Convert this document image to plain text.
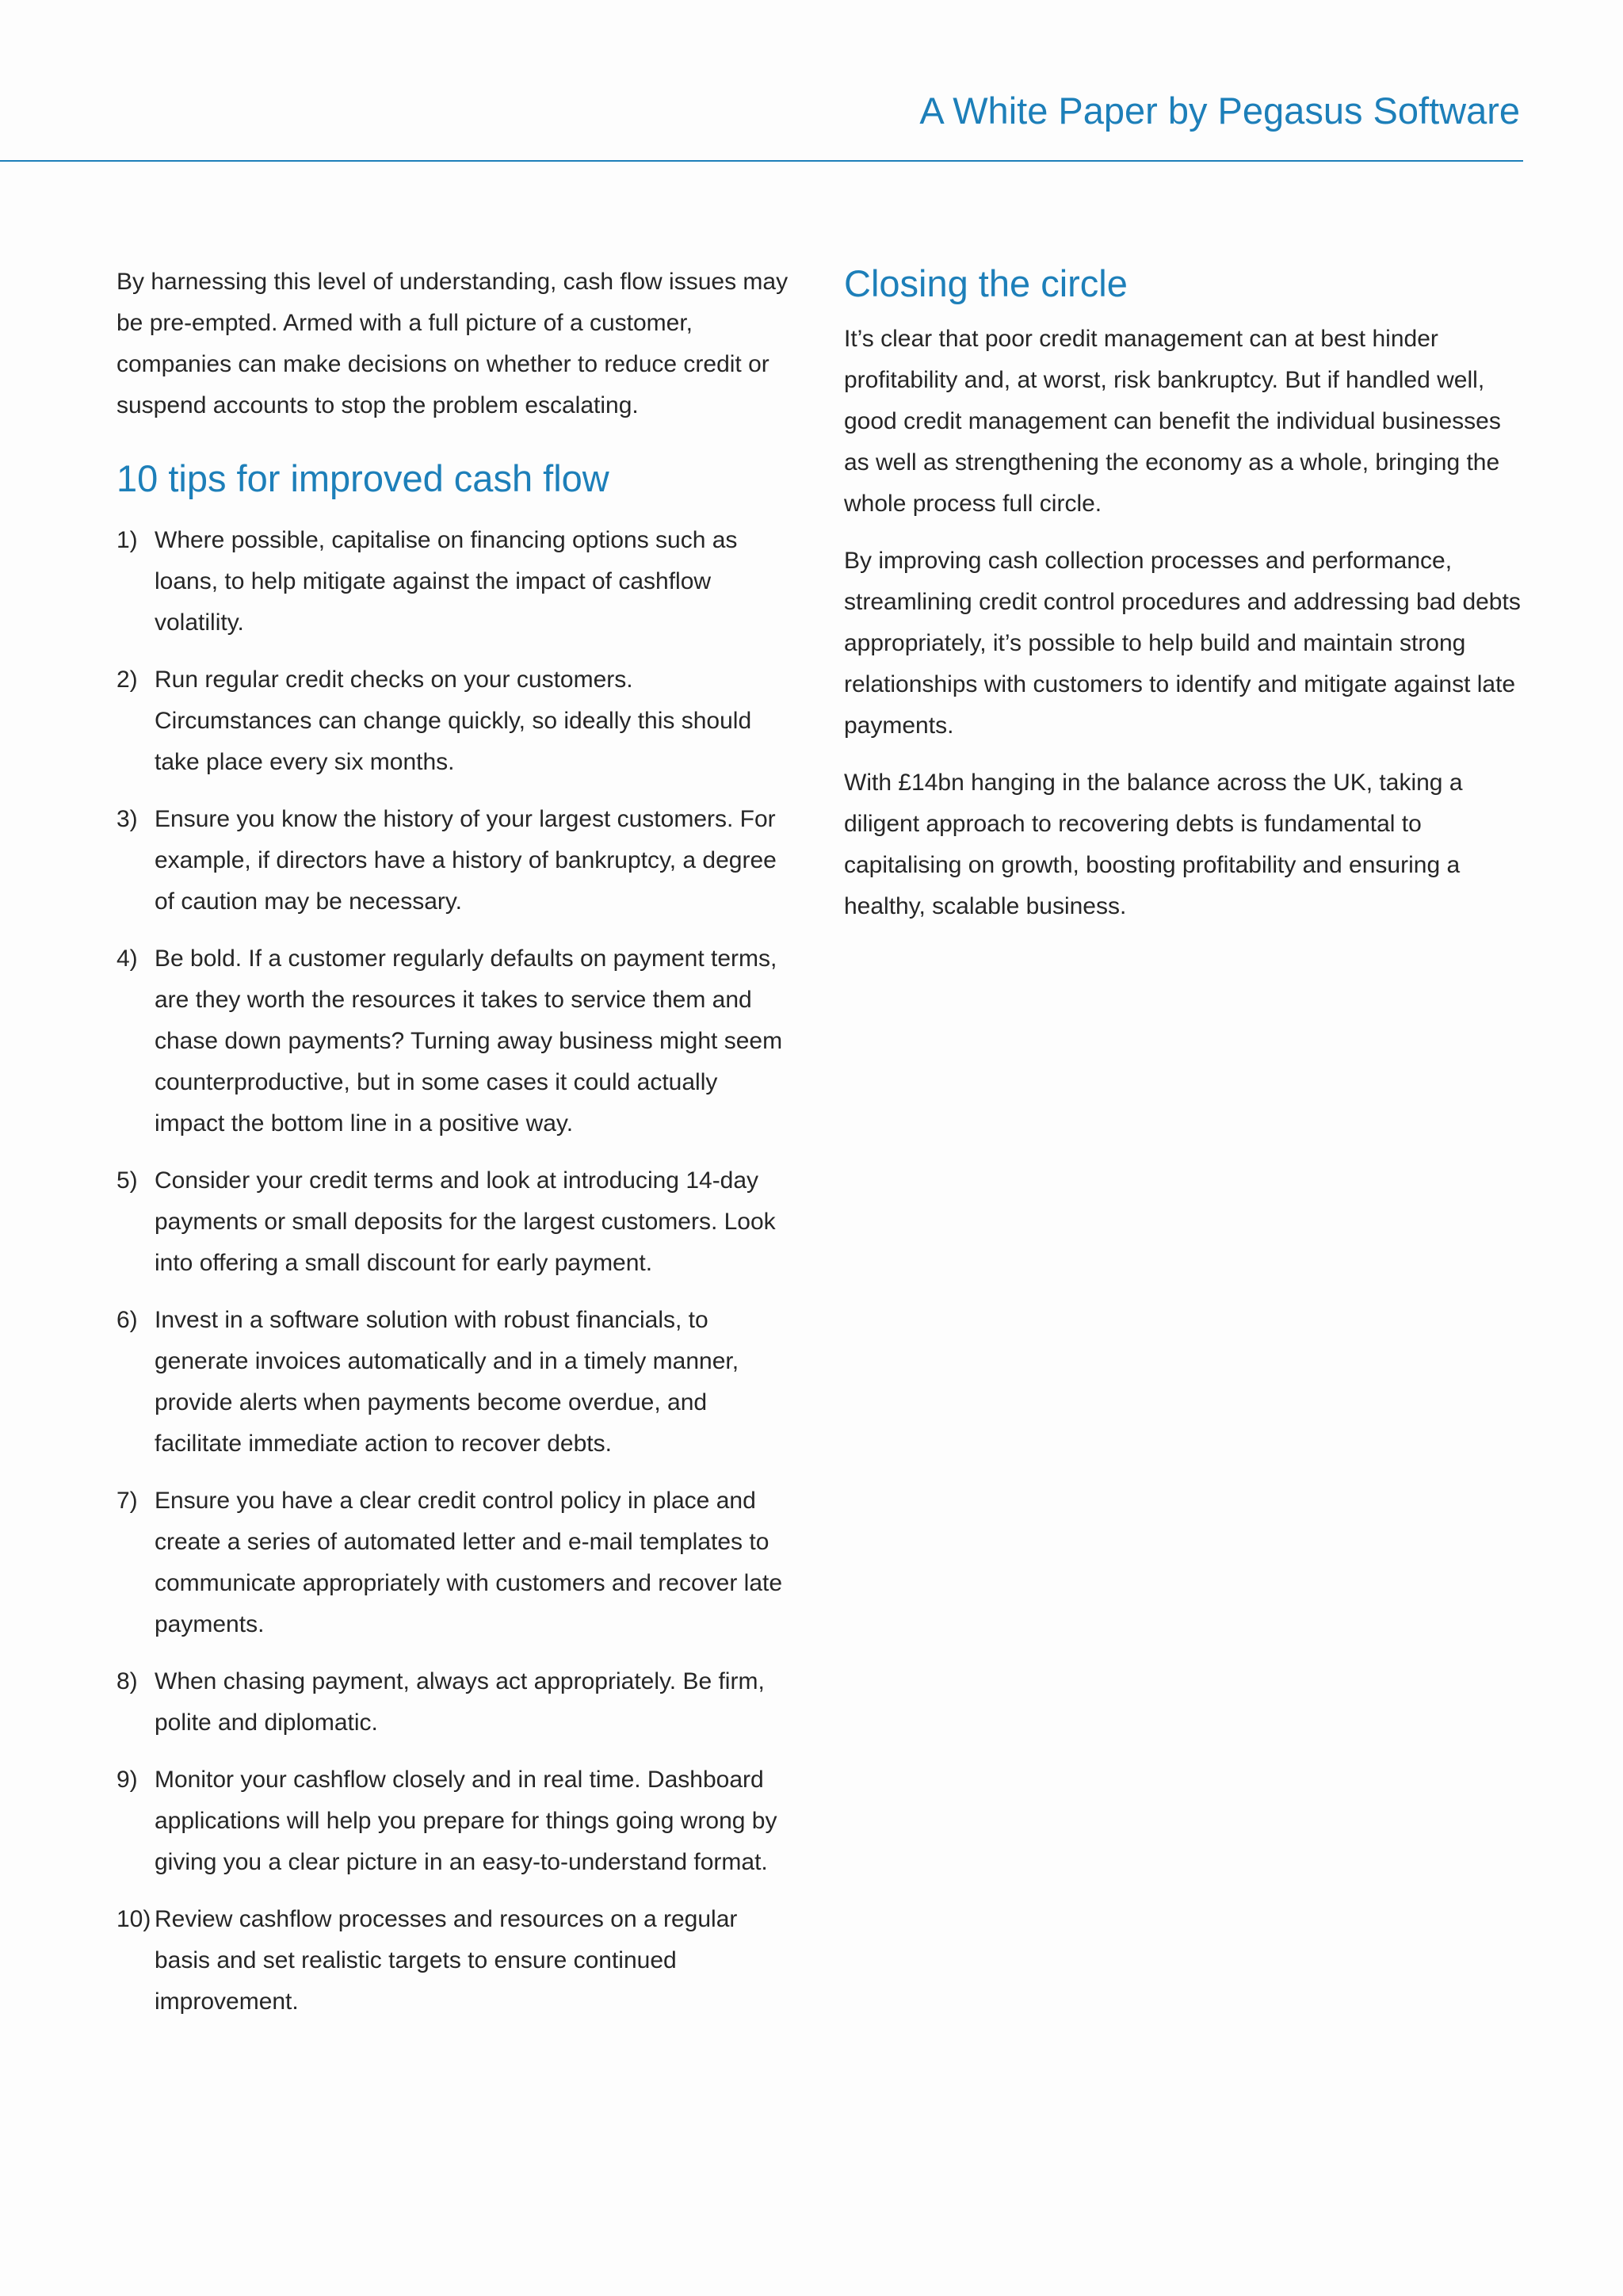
A White Paper by Pegasus Software

By harnessing this level of understanding, cash flow issues may be pre-empted. Armed with a full picture of a customer, companies can make decisions on whether to reduce credit or suspend accounts to stop the problem escalating.

10 tips for improved cash flow
1) Where possible, capitalise on financing options such as loans, to help mitigate against the impact of cashflow volatility.
2) Run regular credit checks on your customers. Circumstances can change quickly, so ideally this should take place every six months.
3) Ensure you know the history of your largest customers. For example, if directors have a history of bankruptcy, a degree of caution may be necessary.
4) Be bold. If a customer regularly defaults on payment terms, are they worth the resources it takes to service them and chase down payments? Turning away business might seem counterproductive, but in some cases it could actually impact the bottom line in a positive way.
5) Consider your credit terms and look at introducing 14-day payments or small deposits for the largest customers. Look into offering a small discount for early payment.
6) Invest in a software solution with robust financials, to generate invoices automatically and in a timely manner, provide alerts when payments become overdue, and facilitate immediate action to recover debts.
7) Ensure you have a clear credit control policy in place and create a series of automated letter and e-mail templates to communicate appropriately with customers and recover late payments.
8) When chasing payment, always act appropriately. Be firm, polite and diplomatic.
9) Monitor your cashflow closely and in real time. Dashboard applications will help you prepare for things going wrong by giving you a clear picture in an easy-to-understand format.
10) Review cashflow processes and resources on a regular basis and set realistic targets to ensure continued improvement.
Closing the circle

It’s clear that poor credit management can at best hinder profitability and, at worst, risk bankruptcy. But if handled well, good credit management can benefit the individual businesses as well as strengthening the economy as a whole, bringing the whole process full circle.

By improving cash collection processes and performance, streamlining credit control procedures and addressing bad debts appropriately, it’s possible to help build and maintain strong relationships with customers to identify and mitigate against late payments.

With £14bn hanging in the balance across the UK, taking a diligent approach to recovering debts is fundamental to capitalising on growth, boosting profitability and ensuring a healthy, scalable business.
